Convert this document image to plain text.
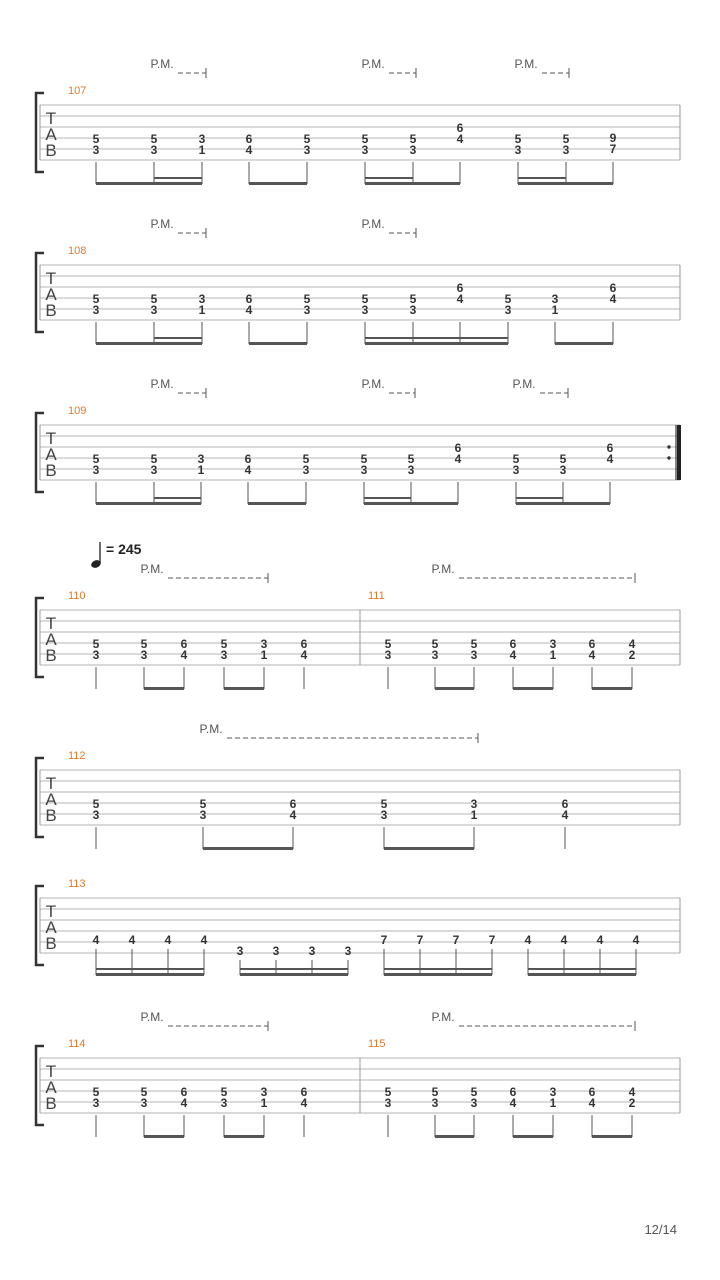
T
A
B
P.M.	P.M.	P.M.
107
5
3
5
3
3
1
6
4
5
3
5
3
5
3
6
4	5
3
5
3
9
7
T
A
B
P.M.	P.M.
108
5
3
5
3
3
1
6
4
5
3
5
3
5
3
6
4	5
3
3
1
6
4
T
A
B
P.M.	P.M.	P.M.
109
5
3
5
3
3
1
6
4
5
3
5
3
5
3
6
4	5
3
5
3
6
4
T
A
B
P.M.	P.M.
= 245
110
5
3
5
3
6
4
5
3
3
1
6
4
111
5
3
5
3
5
3
6
4
3
1
6
4
4
2
T
A
B
P.M.
112
5
3
5
3
6
4
5
3
3
1
6
4
T
A
B
113
4 4 4 4
3 3 3 3
7 7 7 7 4 4 4 4
T
A
B
P.M.	P.M.
114
5
3
5
3
6
4
5
3
3
1
6
4
115
5
3
5
3
5
3
6
4
3
1
6
4
4
2
12/14
